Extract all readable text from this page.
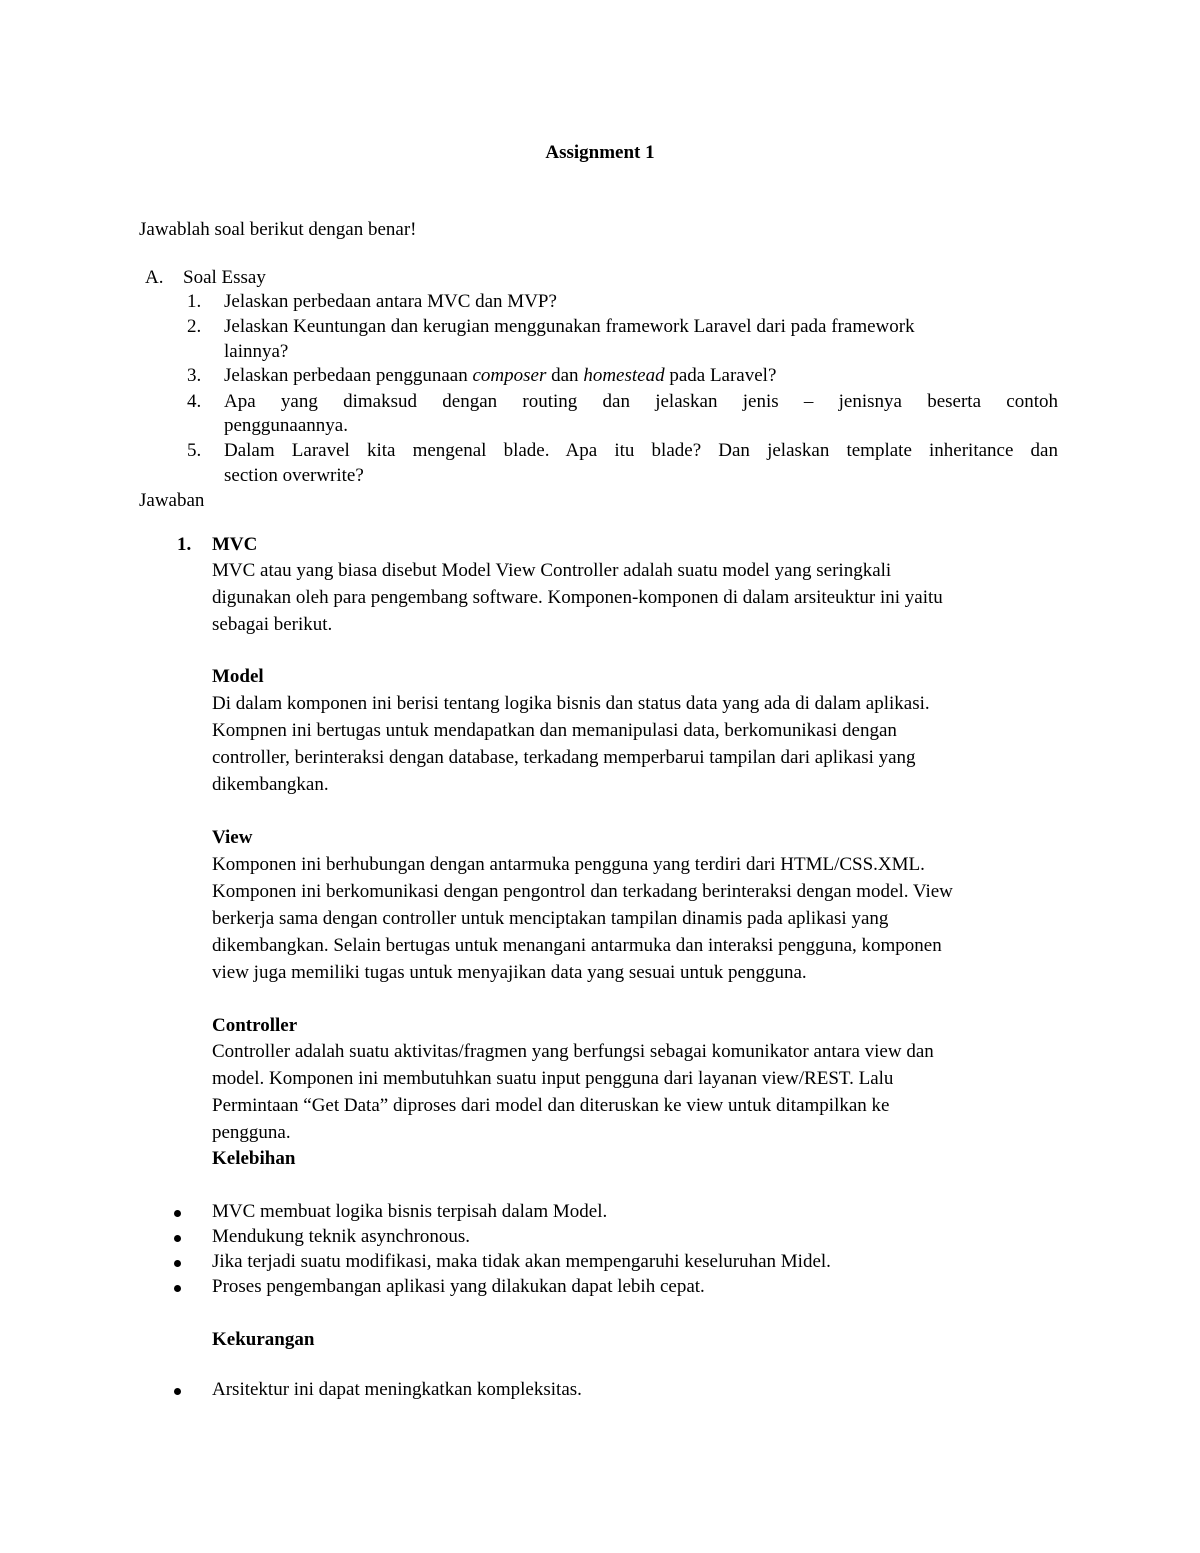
Assignment 1
Jawablah soal berikut dengan benar!
A. Soal Essay
1. Jelaskan perbedaan antara MVC dan MVP?
2. Jelaskan Keuntungan dan kerugian menggunakan framework Laravel dari pada framework
lainnya?
3. Jelaskan perbedaan penggunaan composer dan homestead pada Laravel?
4. Apa yang dimaksud dengan routing dan jelaskan jenis – jenisnya beserta contoh
penggunaannya.
5. Dalam Laravel kita mengenal blade. Apa itu blade? Dan jelaskan template inheritance dan
section overwrite?
Jawaban
1. MVC
MVC atau yang biasa disebut Model View Controller adalah suatu model yang seringkali
digunakan oleh para pengembang software. Komponen-komponen di dalam arsiteuktur ini yaitu
sebagai berikut.
Model
Di dalam komponen ini berisi tentang logika bisnis dan status data yang ada di dalam aplikasi.
Kompnen ini bertugas untuk mendapatkan dan memanipulasi data, berkomunikasi dengan
controller, berinteraksi dengan database, terkadang memperbarui tampilan dari aplikasi yang
dikembangkan.
View
Komponen ini berhubungan dengan antarmuka pengguna yang terdiri dari HTML/CSS.XML.
Komponen ini berkomunikasi dengan pengontrol dan terkadang berinteraksi dengan model. View
berkerja sama dengan controller untuk menciptakan tampilan dinamis pada aplikasi yang
dikembangkan. Selain bertugas untuk menangani antarmuka dan interaksi pengguna, komponen
view juga memiliki tugas untuk menyajikan data yang sesuai untuk pengguna.
Controller
Controller adalah suatu aktivitas/fragmen yang berfungsi sebagai komunikator antara view dan
model. Komponen ini membutuhkan suatu input pengguna dari layanan view/REST. Lalu
Permintaan “Get Data” diproses dari model dan diteruskan ke view untuk ditampilkan ke
pengguna.
Kelebihan
MVC membuat logika bisnis terpisah dalam Model.
Mendukung teknik asynchronous.
Jika terjadi suatu modifikasi, maka tidak akan mempengaruhi keseluruhan Midel.
Proses pengembangan aplikasi yang dilakukan dapat lebih cepat.
Kekurangan
Arsitektur ini dapat meningkatkan kompleksitas.
